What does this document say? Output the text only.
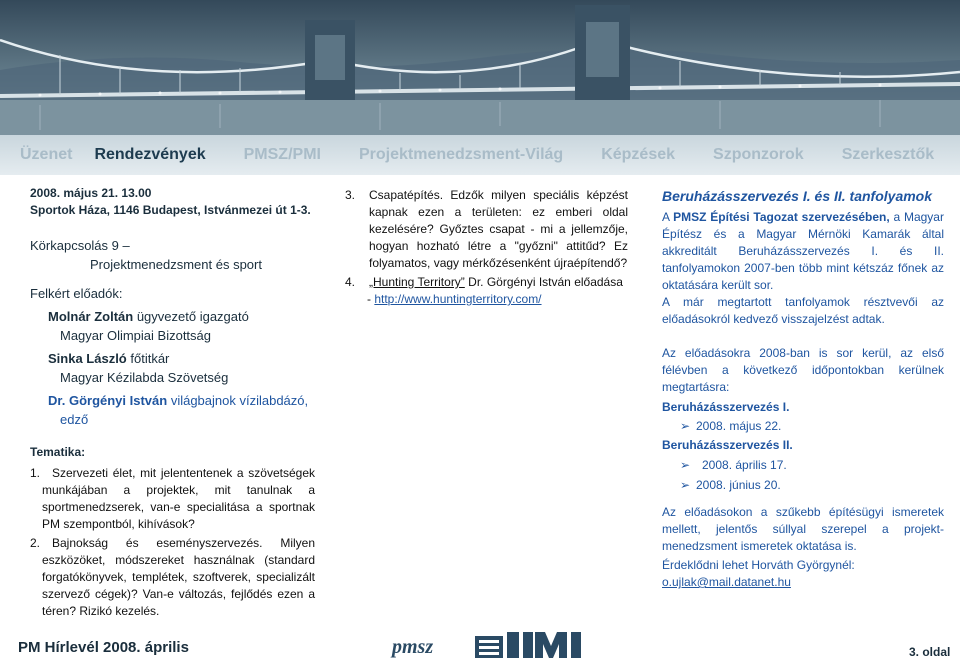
Üzenet Rendezvények PMSZ/PMI Projektmenedzsment-Világ Képzések Szponzorok Szerkesztők
2008. május 21. 13.00
Sportok Háza, 1146 Budapest, Istvánmezei út 1-3.
Körkapcsolás 9 –
Projektmenedzsment és sport
Felkért előadók:
Molnár Zoltán ügyvezető igazgató
Magyar Olimpiai Bizottság
Sinka László főtitkár
Magyar Kézilabda Szövetség
Dr. Görgényi István világbajnok vízilabdázó,
edző
Tematika:
1. Szervezeti élet, mit jelententenek a szövetségek munkájában a projektek, mit tanulnak a sportmenedzserek, van-e specialitása a sportnak PM szempontból, kihívások?
2. Bajnokság és eseményszervezés. Milyen eszközöket, módszereket használnak (standard forgatókönyvek, templétek, szoftverek, specializált szervező cégek)? Van-e változás, fejlődés ezen a téren? Rizikó kezelés.
3.	Csapatépítés. Edzők milyen speciális képzést kapnak ezen a területen: ez emberi oldal kezelésére? Győztes csapat - mi a jellemzője, hogyan hozható létre a "győzni" attitűd? Ez folyamatos, vagy mérkőzésenként újraépítendő?
4.	„Hunting Territory” Dr. Görgényi István előadása
- http://www.huntingterritory.com/
Beruházásszervezés I. és II. tanfolyamok
A PMSZ Építési Tagozat szervezésében, a Magyar Építész és a Magyar Mérnöki Kamarák által akkreditált Beruházásszervezés I. és II. tanfolyamokon 2007-ben több mint kétszáz főnek az oktatására került sor.
A már megtartott tanfolyamok résztvevői az előadásokról kedvező visszajelzést adtak.
Az előadásokra 2008-ban is sor kerül, az első félévben a következő időpontokban kerülnek megtartásra:
Beruházásszervezés I.
➢ 2008. május 22.
Beruházásszervezés II.
➢ 2008. április 17.
➢ 2008. június 20.
Az előadásokon a szűkebb építésügyi ismeretek mellett, jelentős súllyal szerepel a projekt-menedzsment ismeretek oktatása is.
Érdeklődni lehet Horváth Györgynél:
o.ujlak@mail.datanet.hu
PM Hírlevél 2008. április	pmsz	3. oldal
